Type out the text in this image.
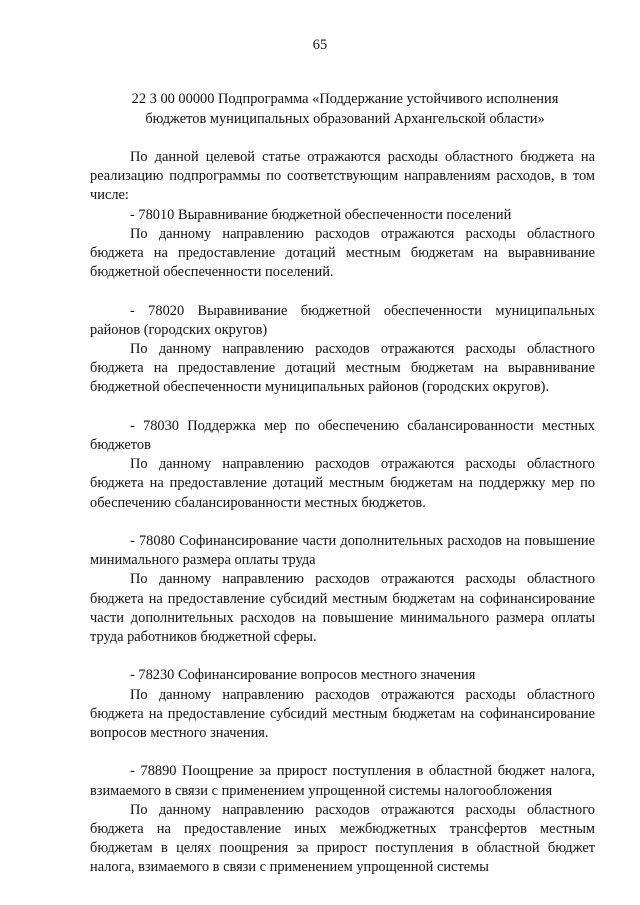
65
22 3 00 00000 Подпрограмма «Поддержание устойчивого исполнения бюджетов муниципальных образований Архангельской области»

По данной целевой статье отражаются расходы областного бюджета на реализацию подпрограммы по соответствующим направлениям расходов, в том числе:

- 78010 Выравнивание бюджетной обеспеченности поселений

По данному направлению расходов отражаются расходы областного бюджета на предоставление дотаций местным бюджетам на выравнивание бюджетной обеспеченности поселений.

- 78020 Выравнивание бюджетной обеспеченности муниципальных районов (городских округов)

По данному направлению расходов отражаются расходы областного бюджета на предоставление дотаций местным бюджетам на выравнивание бюджетной обеспеченности муниципальных районов (городских округов).

- 78030 Поддержка мер по обеспечению сбалансированности местных бюджетов

По данному направлению расходов отражаются расходы областного бюджета на предоставление дотаций местным бюджетам на поддержку мер по обеспечению сбалансированности местных бюджетов.

- 78080 Софинансирование части дополнительных расходов на повышение минимального размера оплаты труда

По данному направлению расходов отражаются расходы областного бюджета на предоставление субсидий местным бюджетам на софинансирование части дополнительных расходов на повышение минимального размера оплаты труда работников бюджетной сферы.

- 78230 Софинансирование вопросов местного значения

По данному направлению расходов отражаются расходы областного бюджета на предоставление субсидий местным бюджетам на софинансирование вопросов местного значения.

- 78890 Поощрение за прирост поступления в областной бюджет налога, взимаемого в связи с применением упрощенной системы налогообложения

По данному направлению расходов отражаются расходы областного бюджета на предоставление иных межбюджетных трансфертов местным бюджетам в целях поощрения за прирост поступления в областной бюджет налога, взимаемого в связи с применением упрощенной системы
